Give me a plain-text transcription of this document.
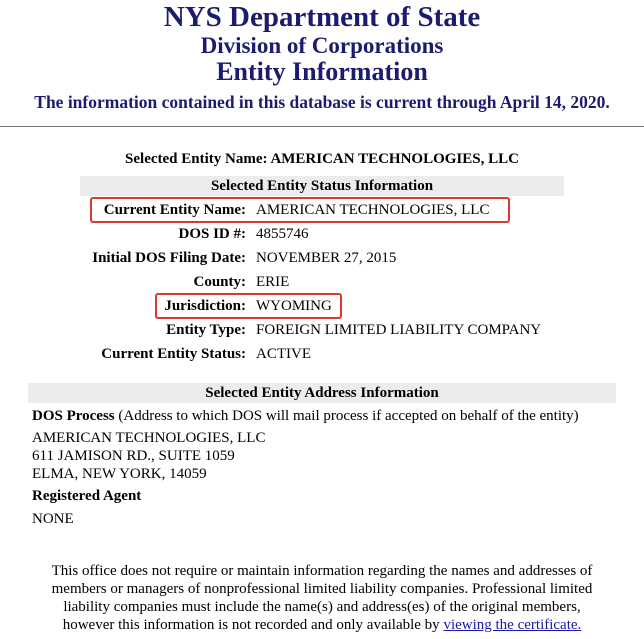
NYS Department of State
Division of Corporations
Entity Information
The information contained in this database is current through April 14, 2020.
Selected Entity Name: AMERICAN TECHNOLOGIES, LLC
Selected Entity Status Information
Current Entity Name: AMERICAN TECHNOLOGIES, LLC
DOS ID #: 4855746
Initial DOS Filing Date: NOVEMBER 27, 2015
County: ERIE
Jurisdiction: WYOMING
Entity Type: FOREIGN LIMITED LIABILITY COMPANY
Current Entity Status: ACTIVE
Selected Entity Address Information
DOS Process (Address to which DOS will mail process if accepted on behalf of the entity)
AMERICAN TECHNOLOGIES, LLC
611 JAMISON RD., SUITE 1059
ELMA, NEW YORK, 14059
Registered Agent
NONE
This office does not require or maintain information regarding the names and addresses of
members or managers of nonprofessional limited liability companies. Professional limited
liability companies must include the name(s) and address(es) of the original members,
however this information is not recorded and only available by viewing the certificate.
